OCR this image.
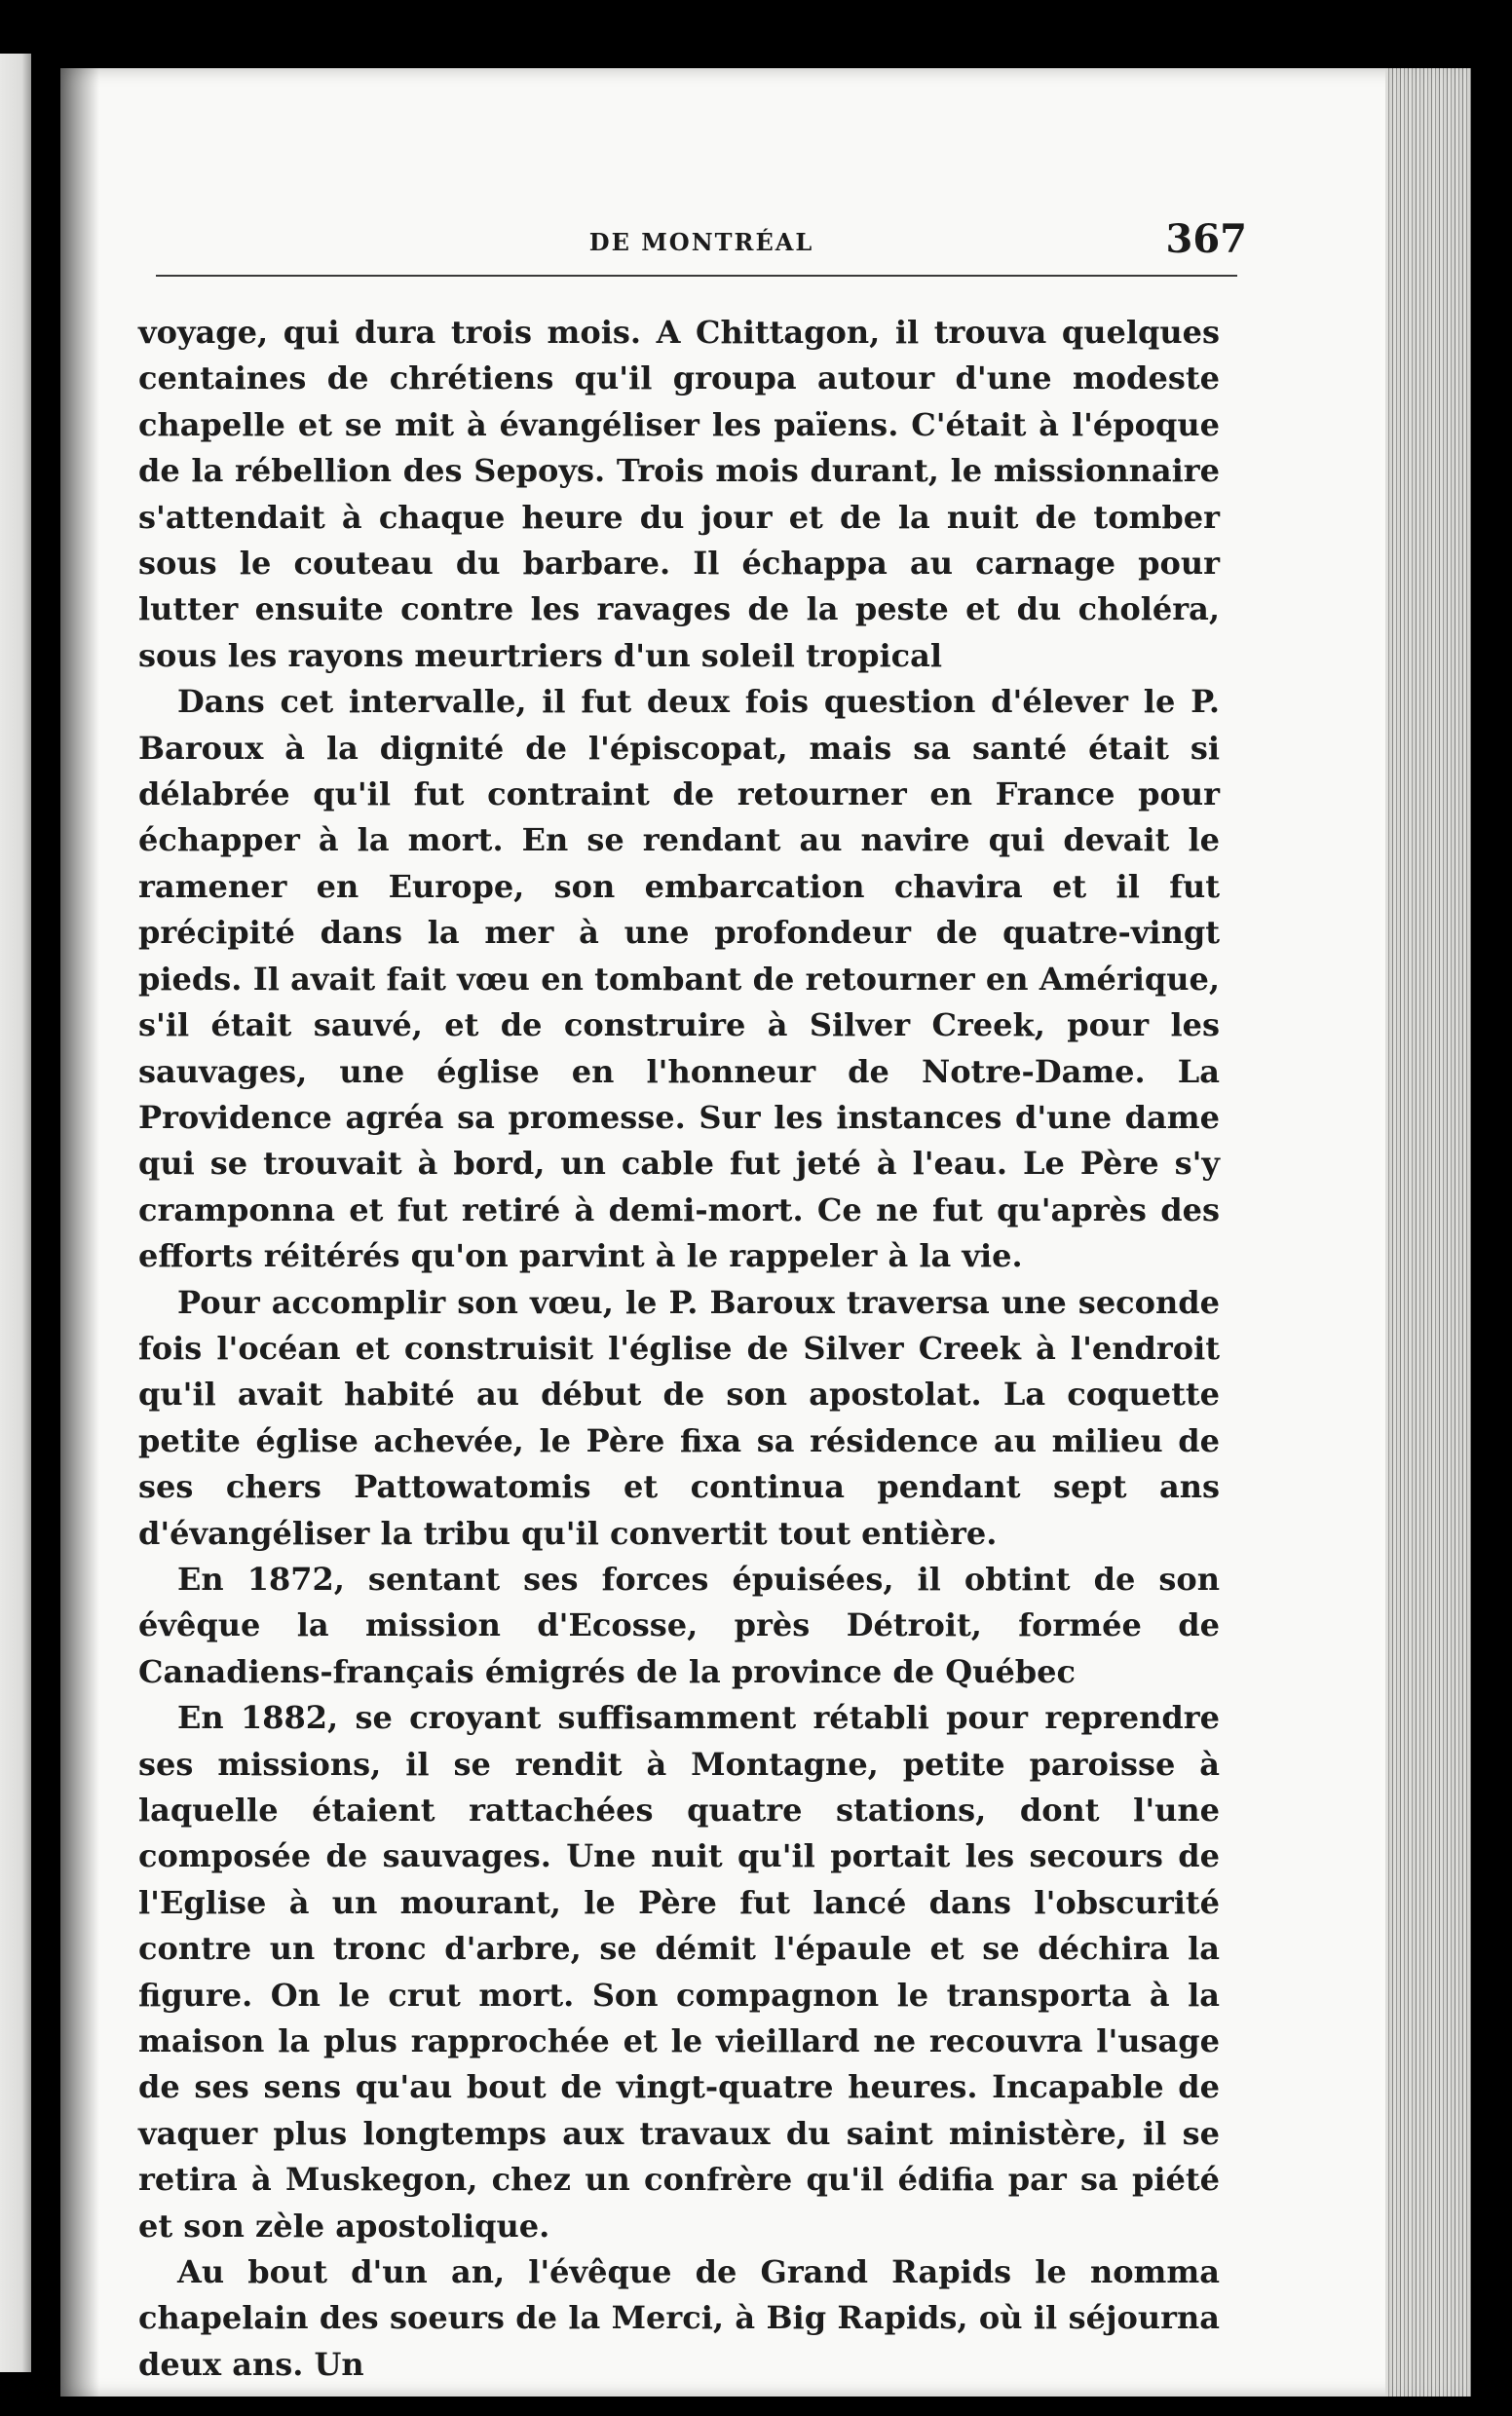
DE MONTRÉAL	367

voyage, qui dura trois mois. A Chittagon, il trouva quelques centaines de chrétiens qu'il groupa autour d'une modeste chapelle et se mit à évangéliser les païens. C'était à l'époque de la rébellion des Sepoys. Trois mois durant, le missionnaire s'attendait à chaque heure du jour et de la nuit de tomber sous le couteau du barbare. Il échappa au carnage pour lutter ensuite contre les ravages de la peste et du choléra, sous les rayons meurtriers d'un soleil tropical

Dans cet intervalle, il fut deux fois question d'élever le P. Baroux à la dignité de l'épiscopat, mais sa santé était si délabrée qu'il fut contraint de retourner en France pour échapper à la mort. En se rendant au navire qui devait le ramener en Europe, son embarcation chavira et il fut précipité dans la mer à une profondeur de quatre-vingt pieds. Il avait fait vœu en tombant de retourner en Amérique, s'il était sauvé, et de construire à Silver Creek, pour les sauvages, une église en l'honneur de Notre-Dame. La Providence agréa sa promesse. Sur les instances d'une dame qui se trouvait à bord, un cable fut jeté à l'eau. Le Père s'y cramponna et fut retiré à demi-mort. Ce ne fut qu'après des efforts réitérés qu'on parvint à le rappeler à la vie.

Pour accomplir son vœu, le P. Baroux traversa une seconde fois l'océan et construisit l'église de Silver Creek à l'endroit qu'il avait habité au début de son apostolat. La coquette petite église achevée, le Père fixa sa résidence au milieu de ses chers Pattowatomis et continua pendant sept ans d'évangéliser la tribu qu'il convertit tout entière.

En 1872, sentant ses forces épuisées, il obtint de son évêque la mission d'Ecosse, près Détroit, formée de Canadiens-français émigrés de la province de Québec

En 1882, se croyant suffisamment rétabli pour reprendre ses missions, il se rendit à Montagne, petite paroisse à laquelle étaient rattachées quatre stations, dont l'une composée de sauvages. Une nuit qu'il portait les secours de l'Eglise à un mourant, le Père fut lancé dans l'obscurité contre un tronc d'arbre, se démit l'épaule et se déchira la figure. On le crut mort. Son compagnon le transporta à la maison la plus rapprochée et le vieillard ne recouvra l'usage de ses sens qu'au bout de vingt-quatre heures. Incapable de vaquer plus longtemps aux travaux du saint ministère, il se retira à Muskegon, chez un confrère qu'il édifia par sa piété et son zèle apostolique.

Au bout d'un an, l'évêque de Grand Rapids le nomma chapelain des soeurs de la Merci, à Big Rapids, où il séjourna deux ans. Un
